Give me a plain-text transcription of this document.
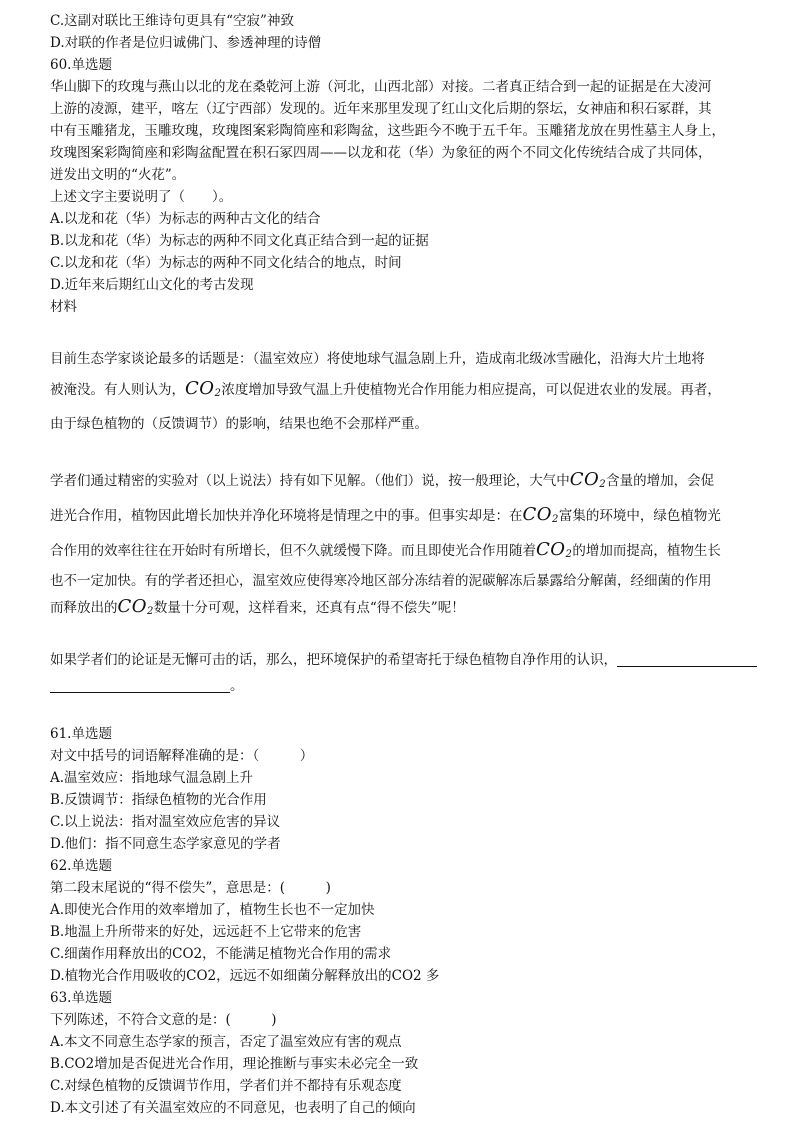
C.这副对联比王维诗句更具有“空寂”神致
D.对联的作者是位归诚佛门、参透神理的诗僧
60.单选题
华山脚下的玫瑰与燕山以北的龙在桑乾河上游（河北，山西北部）对接。二者真正结合到一起的证据是在大凌河
上游的凌源，建平，喀左（辽宁西部）发现的。近年来那里发现了红山文化后期的祭坛，女神庙和积石冢群，其
中有玉雕猪龙，玉雕玫瑰，玫瑰图案彩陶简座和彩陶盆，这些距今不晚于五千年。玉雕猪龙放在男性墓主人身上，
玫瑰图案彩陶简座和彩陶盆配置在积石冢四周——以龙和花（华）为象征的两个不同文化传统结合成了共同体，
迸发出文明的“火花”。
上述文字主要说明了（　　）。
A.以龙和花（华）为标志的两种古文化的结合
B.以龙和花（华）为标志的两种不同文化真正结合到一起的证据
C.以龙和花（华）为标志的两种不同文化结合的地点，时间
D.近年来后期红山文化的考古发现
材料
目前生态学家谈论最多的话题是：（温室效应）将使地球气温急剧上升，造成南北级冰雪融化，沿海大片土地将
被淹没。有人则认为，$CO_2$浓度增加导致气温上升使植物光合作用能力相应提高，可以促进农业的发展。再者，
由于绿色植物的（反馈调节）的影响，结果也绝不会那样严重。
学者们通过精密的实验对（以上说法）持有如下见解。（他们）说，按一般理论，大气中$CO_2$含量的增加，会促
进光合作用，植物因此增长加快并净化环境将是情理之中的事。但事实却是：在$CO_2$富集的环境中，绿色植物光
合作用的效率往往在开始时有所增长，但不久就缓慢下降。而且即使光合作用随着$CO_2$的增加而提高，植物生长
也不一定加快。有的学者还担心，温室效应使得寒冷地区部分冻结着的泥碳解冻后暴露给分解菌，经细菌的作用
而释放出的$CO_2$数量十分可观，这样看来，还真有点“得不偿失”呢！
如果学者们的论证是无懈可击的话，那么，把环境保护的希望寄托于绿色植物自净作用的认识，
。
61.单选题
对文中括号的词语解释准确的是：（　　　）
A.温室效应：指地球气温急剧上升
B.反馈调节：指绿色植物的光合作用
C.以上说法：指对温室效应危害的异议
D.他们：指不同意生态学家意见的学者
62.单选题
第二段末尾说的“得不偿失”，意思是：(　　　)
A.即使光合作用的效率增加了，植物生长也不一定加快
B.地温上升所带来的好处，远远赶不上它带来的危害
C.细菌作用释放出的CO2，不能满足植物光合作用的需求
D.植物光合作用吸收的CO2，远远不如细菌分解释放出的CO2 多
63.单选题
下列陈述，不符合文意的是：(　　　)
A.本文不同意生态学家的预言，否定了温室效应有害的观点
B.CO2增加是否促进光合作用，理论推断与事实未必完全一致
C.对绿色植物的反馈调节作用，学者们并不都持有乐观态度
D.本文引述了有关温室效应的不同意见，也表明了自己的倾向
